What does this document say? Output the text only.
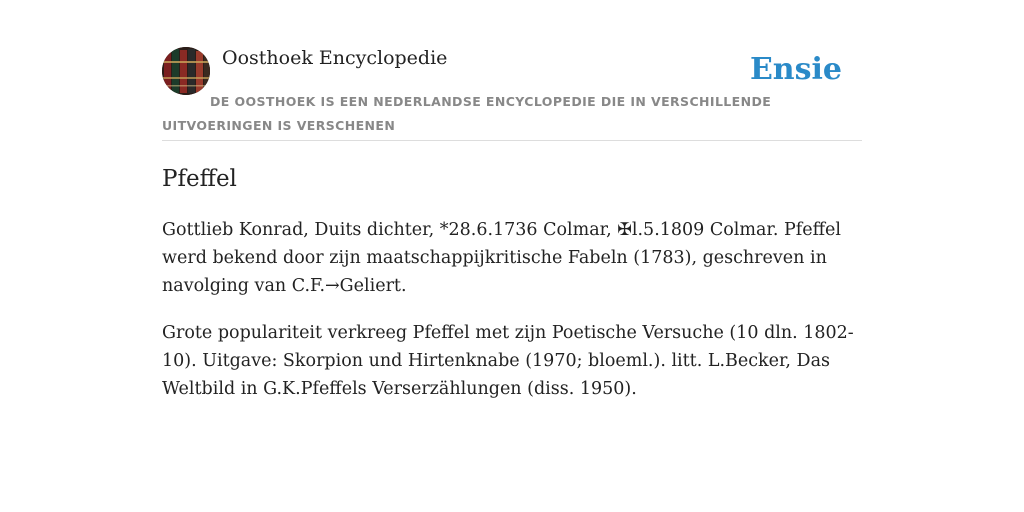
Oosthoek Encyclopedie	Ensie
DE OOSTHOEK IS EEN NEDERLANDSE ENCYCLOPEDIE DIE IN VERSCHILLENDE UITVOERINGEN IS VERSCHENEN
Pfeffel

Gottlieb Konrad, Duits dichter, *28.6.1736 Colmar, ✠l.5.1809 Colmar. Pfeffel werd bekend door zijn maatschappijkritische Fabeln (1783), geschreven in navolging van C.F.→Geliert.

Grote populariteit verkreeg Pfeffel met zijn Poetische Versuche (10 dln. 1802-10). Uitgave: Skorpion und Hirtenknabe (1970; bloeml.). litt. L.Becker, Das Weltbild in G.K.Pfeffels Verserzählungen (diss. 1950).
